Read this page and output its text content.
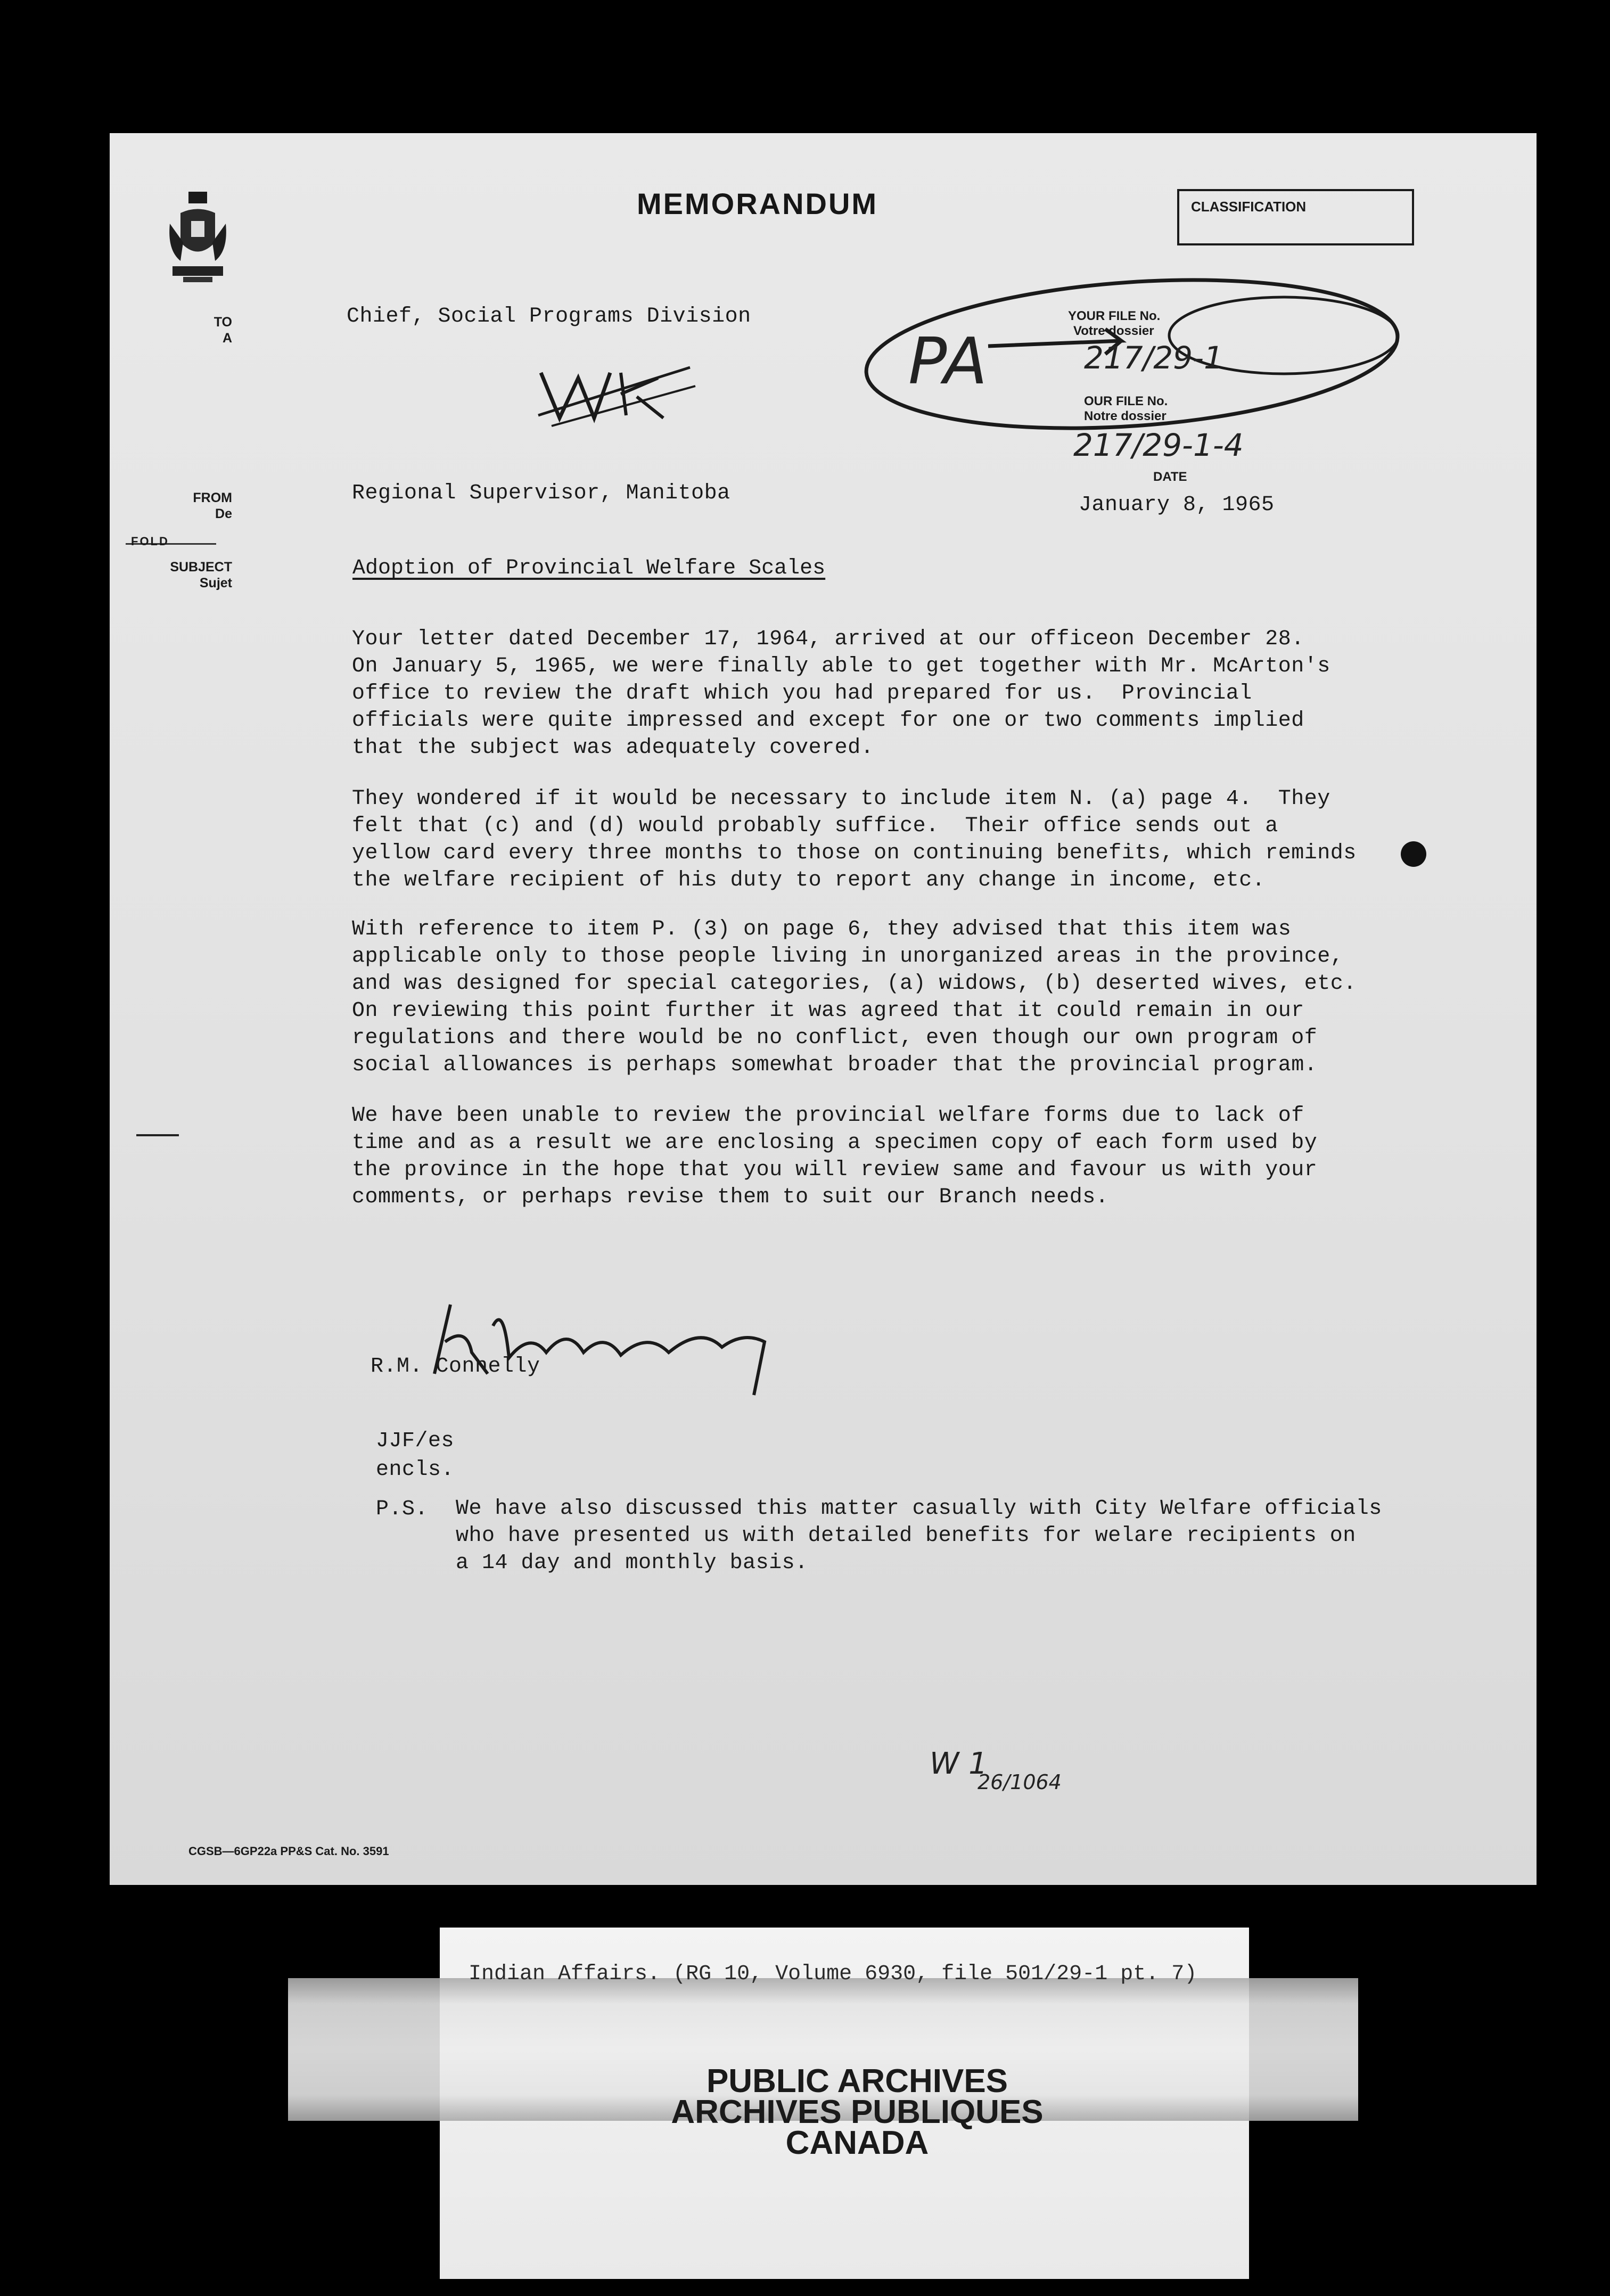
MEMORANDUM	CLASSIFICATION
TO
A
Chief, Social Programs Division
PA
YOUR FILE No.
Votre dossier
217/29-1
OUR FILE No.
Notre dossier
217/29-1-4
DATE
January 8, 1965
FROM
De
Regional Supervisor, Manitoba
FOLD
SUBJECT
Sujet
Adoption of Provincial Welfare Scales
Your letter dated December 17, 1964, arrived at our officeon December 28.
On January 5, 1965, we were finally able to get together with Mr. McArton's
office to review the draft which you had prepared for us.  Provincial
officials were quite impressed and except for one or two comments implied
that the subject was adequately covered.
They wondered if it would be necessary to include item N. (a) page 4.  They
felt that (c) and (d) would probably suffice.  Their office sends out a
yellow card every three months to those on continuing benefits, which reminds
the welfare recipient of his duty to report any change in income, etc.
With reference to item P. (3) on page 6, they advised that this item was
applicable only to those people living in unorganized areas in the province,
and was designed for special categories, (a) widows, (b) deserted wives, etc.
On reviewing this point further it was agreed that it could remain in our
regulations and there would be no conflict, even though our own program of
social allowances is perhaps somewhat broader that the provincial program.
We have been unable to review the provincial welfare forms due to lack of
time and as a result we are enclosing a specimen copy of each form used by
the province in the hope that you will review same and favour us with your
comments, or perhaps revise them to suit our Branch needs.
R.M. Connelly
JJF/es
encls.
P.S. We have also discussed this matter casually with City Welfare officials
who have presented us with detailed benefits for welare recipients on
a 14 day and monthly basis.
W 1
26/1064
CGSB—6GP22a PP&S Cat. No. 3591
Indian Affairs. (RG 10, Volume 6930, file 501/29-1 pt. 7)
PUBLIC ARCHIVES
ARCHIVES PUBLIQUES
CANADA
